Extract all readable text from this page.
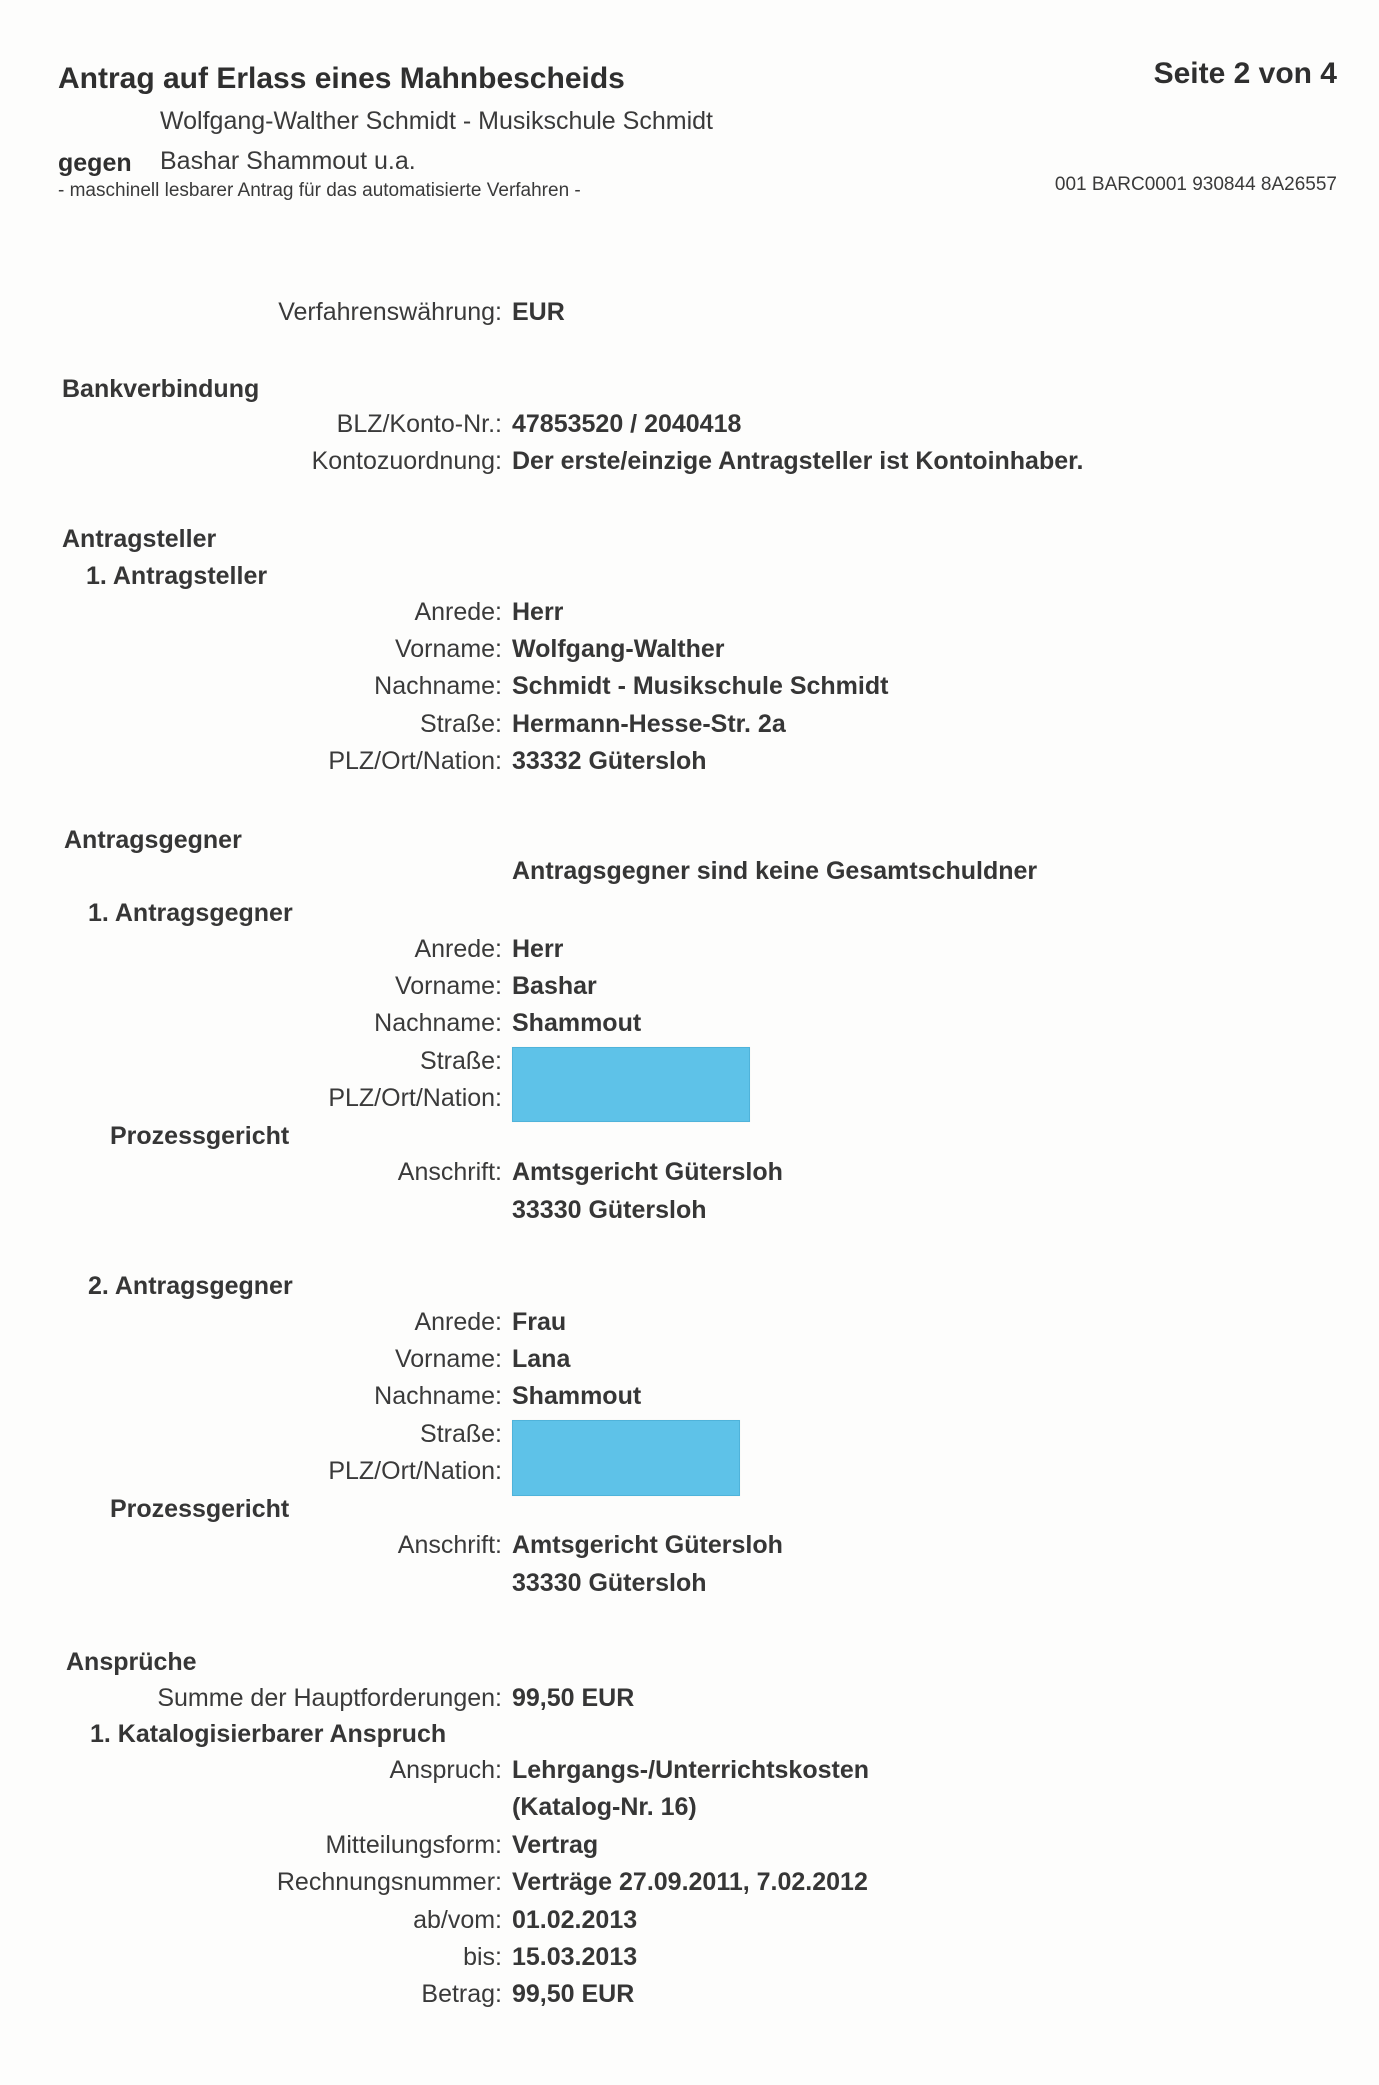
Antrag auf Erlass eines Mahnbescheids	Seite 2 von 4
Wolfgang-Walther Schmidt - Musikschule Schmidt
gegen Bashar Shammout u.a.
- maschinell lesbarer Antrag für das automatisierte Verfahren -	001 BARC0001 930844 8A26557
Verfahrenswährung: EUR
Bankverbindung
BLZ/Konto-Nr.: 47853520 / 2040418
Kontozuordnung: Der erste/einzige Antragsteller ist Kontoinhaber.
Antragsteller
1. Antragsteller
Anrede: Herr
Vorname: Wolfgang-Walther
Nachname: Schmidt - Musikschule Schmidt
Straße: Hermann-Hesse-Str. 2a
PLZ/Ort/Nation: 33332 Gütersloh
Antragsgegner
Antragsgegner sind keine Gesamtschuldner
1. Antragsgegner
Anrede: Herr
Vorname: Bashar
Nachname: Shammout
Straße:
PLZ/Ort/Nation:
Prozessgericht
Anschrift: Amtsgericht Gütersloh
33330 Gütersloh
2. Antragsgegner
Anrede: Frau
Vorname: Lana
Nachname: Shammout
Straße:
PLZ/Ort/Nation:
Prozessgericht
Anschrift: Amtsgericht Gütersloh
33330 Gütersloh
Ansprüche
Summe der Hauptforderungen: 99,50 EUR
1. Katalogisierbarer Anspruch
Anspruch: Lehrgangs-/Unterrichtskosten
(Katalog-Nr. 16)
Mitteilungsform: Vertrag
Rechnungsnummer: Verträge 27.09.2011, 7.02.2012
ab/vom: 01.02.2013
bis: 15.03.2013
Betrag: 99,50 EUR
